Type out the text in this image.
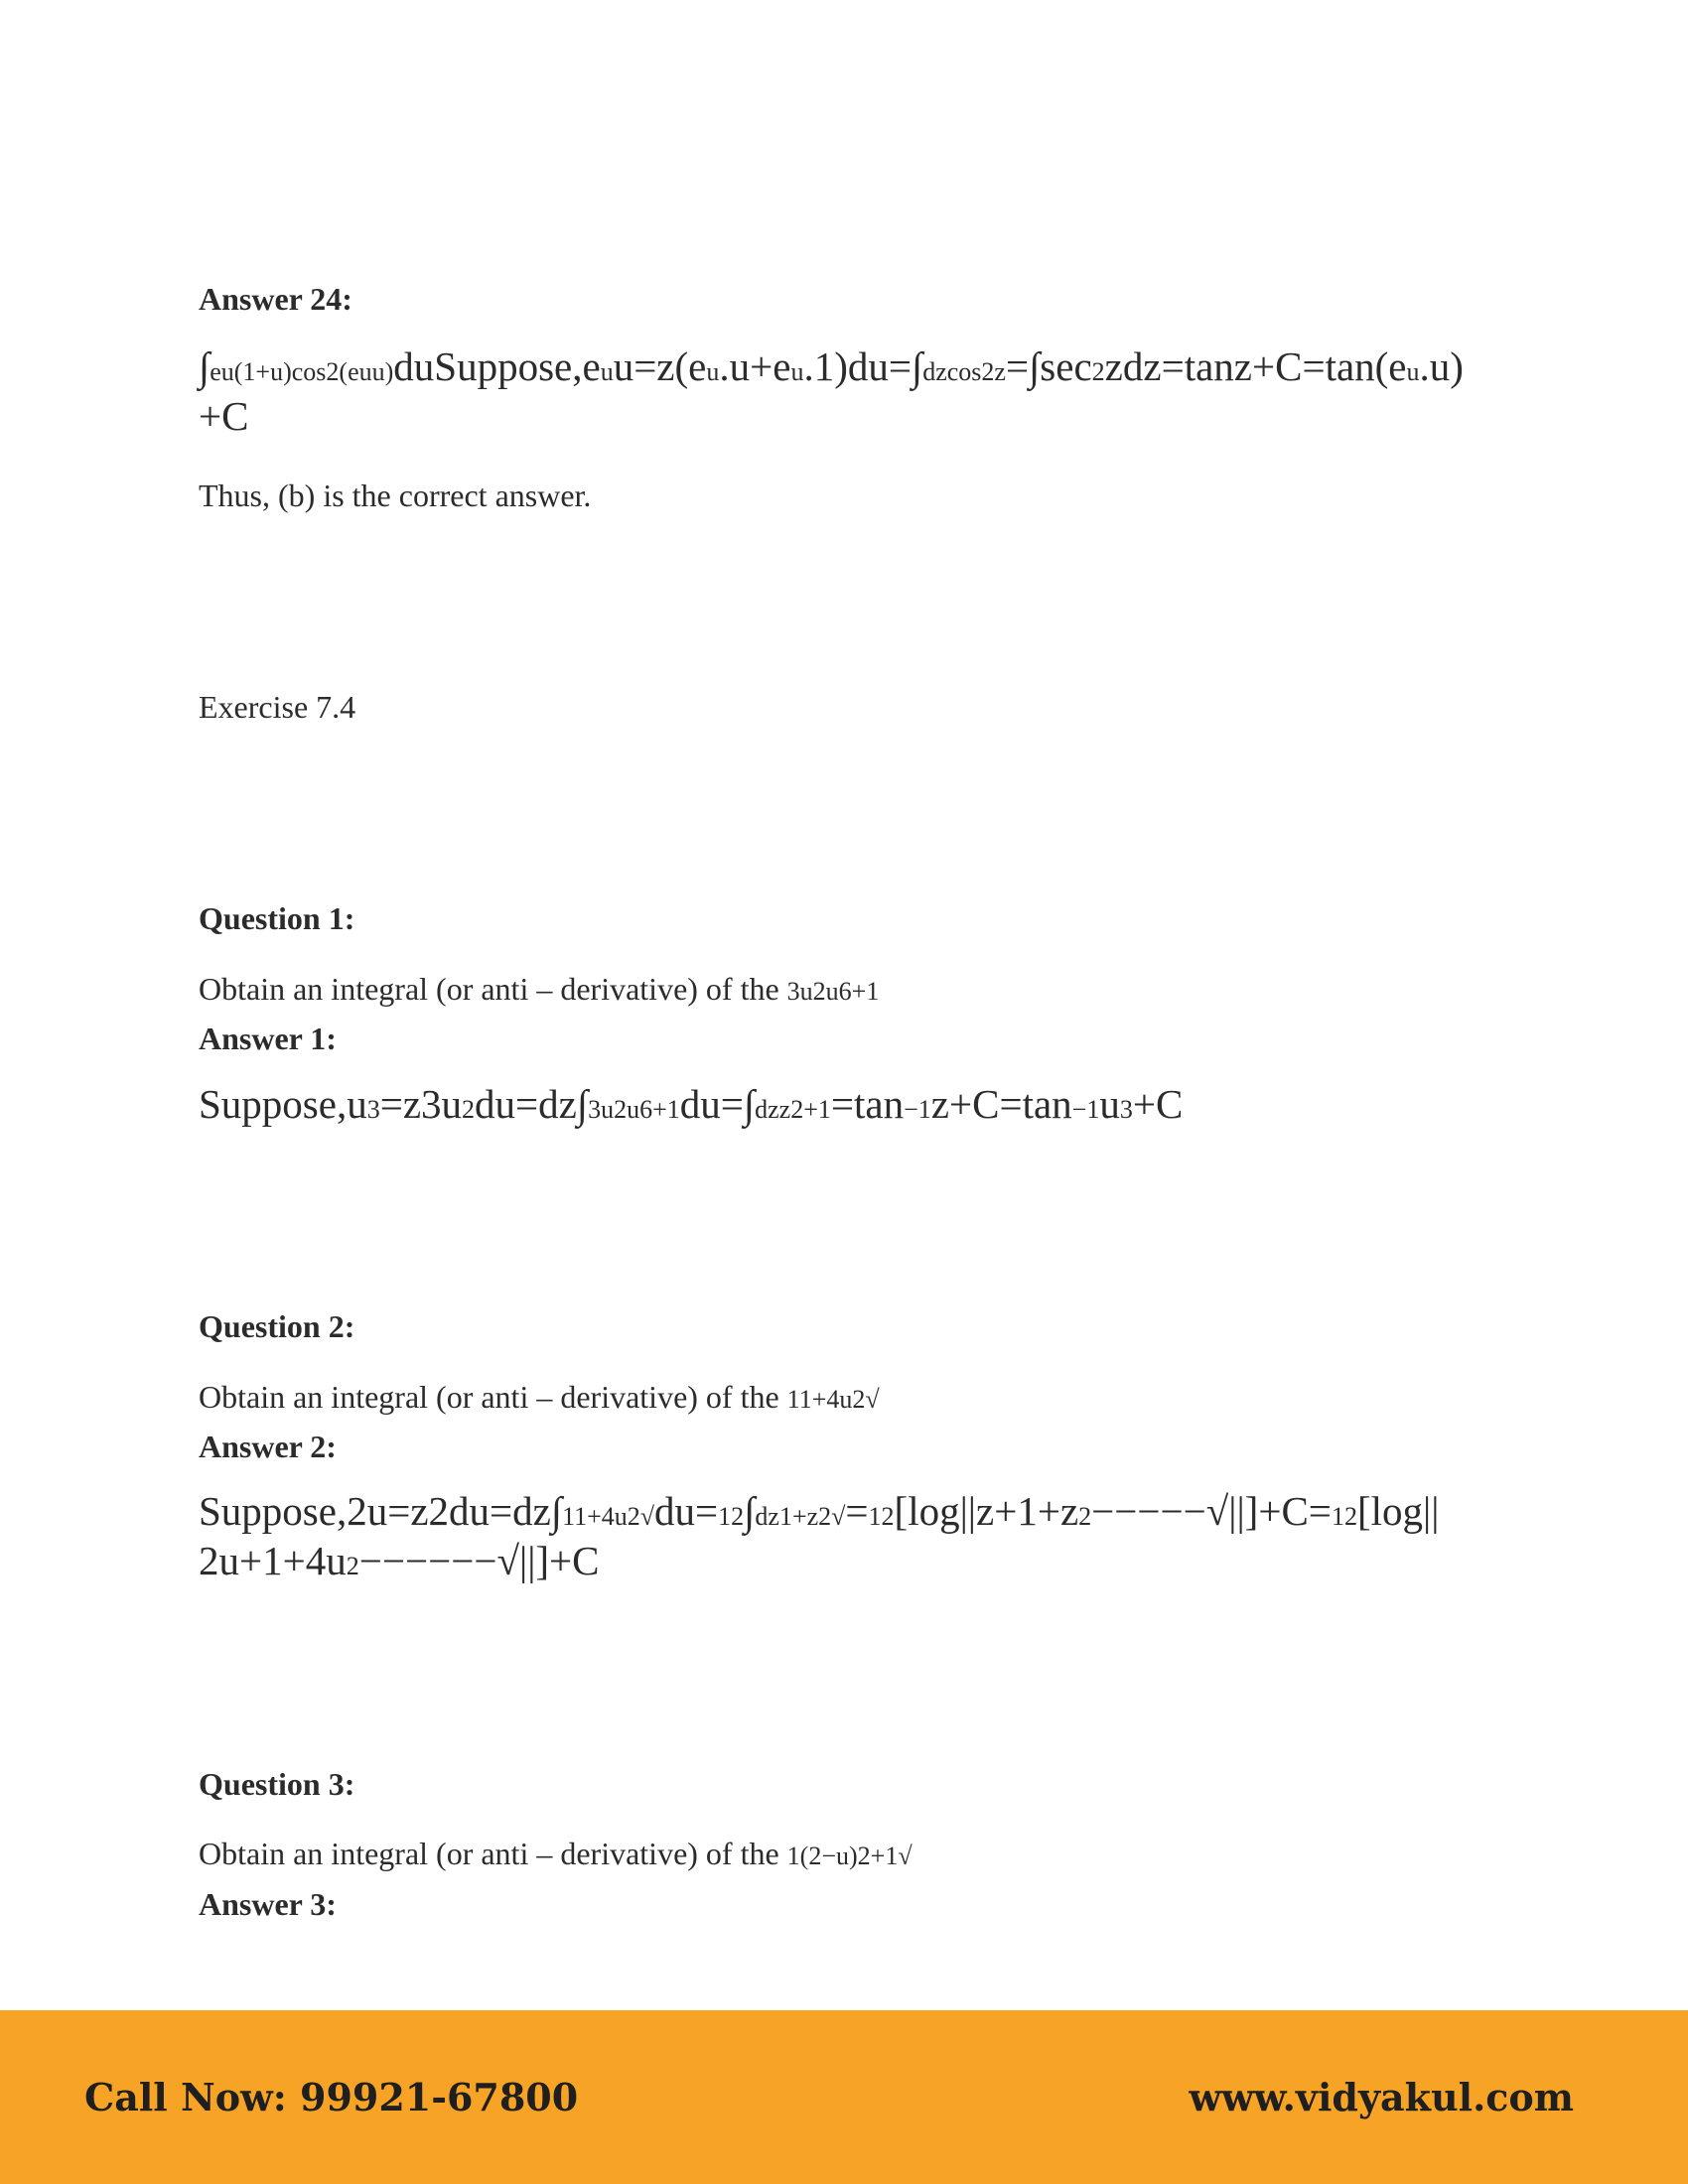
Answer 24:

∫eu(1+u)cos2(euu)duSuppose,euu=z(eu.u+eu.1)du=∫dzcos2z=∫sec2zdz=tanz+C=tan(eu.u)

+C

Thus, (b) is the correct answer.

Exercise 7.4

Question 1:

Obtain an integral (or anti – derivative) of the 3u2u6+1

Answer 1:

Suppose,u3=z3u2du=dz∫3u2u6+1du=∫dzz2+1=tan−1z+C=tan−1u3+C

Question 2:

Obtain an integral (or anti – derivative) of the 11+4u2√

Answer 2:

Suppose,2u=z2du=dz∫11+4u2√du=12∫dz1+z2√=12[log||z+1+z2−−−−−√||]+C=12[log||

2u+1+4u2−−−−−−√||]+C

Question 3:

Obtain an integral (or anti – derivative) of the 1(2−u)2+1√

Answer 3:

Call Now: 99921-67800	www.vidyakul.com
